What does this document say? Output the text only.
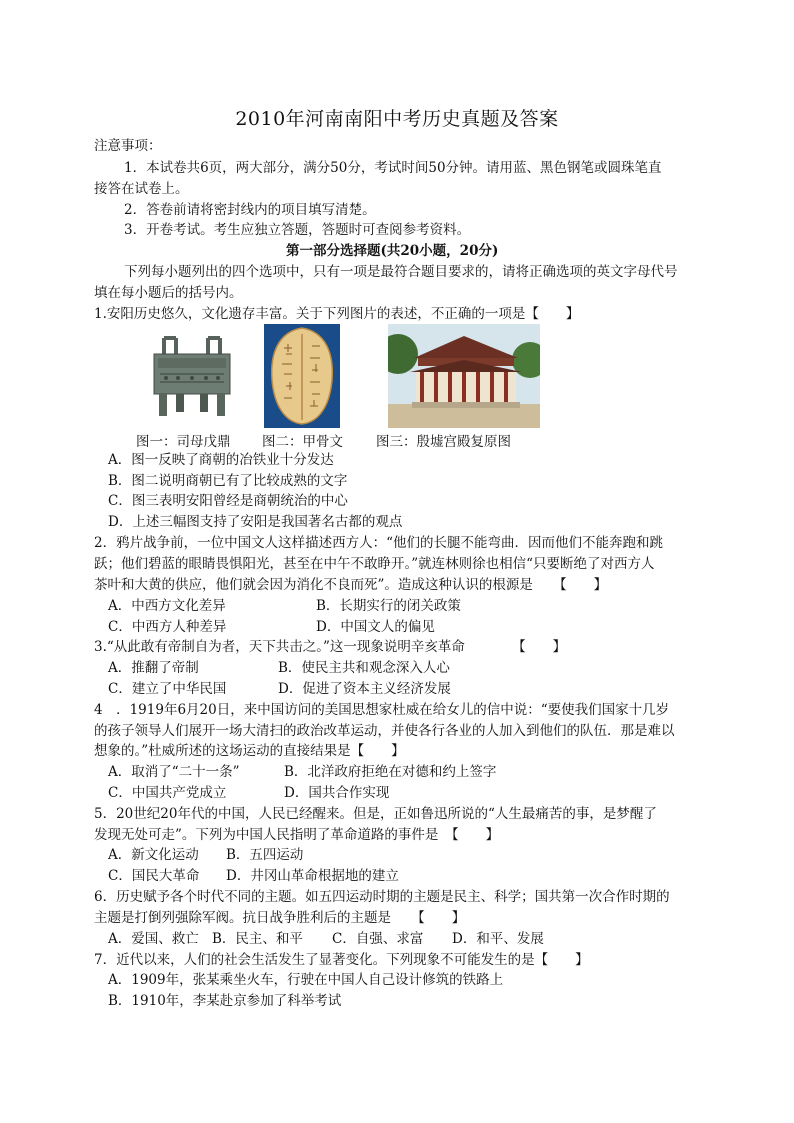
2010年河南南阳中考历史真题及答案
注意事项：
1．本试卷共6页，两大部分，满分50分，考试时间50分钟。请用蓝、黑色钢笔或圆珠笔直
接答在试卷上。
2．答卷前请将密封线内的项目填写清楚。
3．开卷考试。考生应独立答题，答题时可查阅参考资料。
第一部分选择题(共20小题，20分)
下列每小题列出的四个选项中，只有一项是最符合题目要求的，请将正确选项的英文字母代号
填在每小题后的括号内。
1.安阳历史悠久，文化遗存丰富。关于下列图片的表述，不正确的一项是【　　】
图一：司母戊鼎 图二：甲骨文 图三：殷墟宫殿复原图
A．图一反映了商朝的冶铁业十分发达
B．图二说明商朝已有了比较成熟的文字
C．图三表明安阳曾经是商朝统治的中心
D．上述三幅图支持了安阳是我国著名古都的观点
2．鸦片战争前，一位中国文人这样描述西方人：“他们的长腿不能弯曲．因而他们不能奔跑和跳
跃；他们碧蓝的眼睛畏惧阳光，甚至在中午不敢睁开。”就连林则徐也相信“只要断绝了对西方人
茶叶和大黄的供应，他们就会因为消化不良而死”。造成这种认识的根源是　　【　　】
A．中西方文化差异	B．长期实行的闭关政策
C．中西方人种差异	D．中国文人的偏见
3.“从此敢有帝制自为者，天下共击之。”这一现象说明辛亥革命　　　　【　　】
A．推翻了帝制	B．使民主共和观念深入人心
C．建立了中华民国	D．促进了资本主义经济发展
4　．1919年6月20日，来中国访问的美国思想家杜威在给女儿的信中说：“要使我们国家十几岁
的孩子领导人们展开一场大清扫的政治改革运动，并使各行各业的人加入到他们的队伍．那是难以
想象的。”杜威所述的这场运动的直接结果是【　　】
A．取消了“二十一条”	B．北洋政府拒绝在对德和约上签字
C．中国共产党成立	D．国共合作实现
5．20世纪20年代的中国，人民已经醒来。但是，正如鲁迅所说的“人生最痛苦的事，是梦醒了
发现无处可走”。下列为中国人民指明了革命道路的事件是　【　　】
A．新文化运动 B．五四运动
C．国民大革命 D．井冈山革命根据地的建立
6．历史赋予各个时代不同的主题。如五四运动时期的主题是民主、科学；国共第一次合作时期的
主题是打倒列强除军阀。抗日战争胜利后的主题是　　【　　】
A．爱国、救亡 B．民主、和平 C．自强、求富 D．和平、发展
7．近代以来，人们的社会生活发生了显著变化。下列现象不可能发生的是【　　】
A．1909年，张某乘坐火车，行驶在中国人自己设计修筑的铁路上
B．1910年，李某赴京参加了科举考试
